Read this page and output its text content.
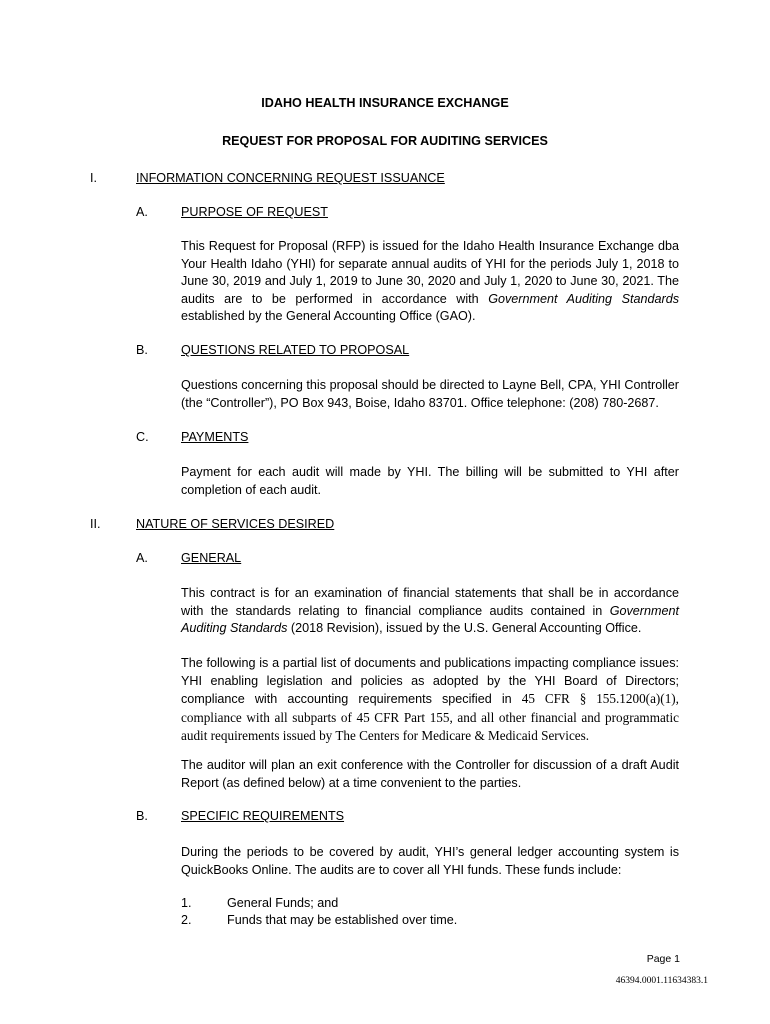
IDAHO HEALTH INSURANCE EXCHANGE
REQUEST FOR PROPOSAL FOR AUDITING SERVICES
I.	INFORMATION CONCERNING REQUEST ISSUANCE
A.	PURPOSE OF REQUEST

This Request for Proposal (RFP) is issued for the Idaho Health Insurance Exchange dba Your Health Idaho (YHI) for separate annual audits of YHI for the periods July 1, 2018 to June 30, 2019 and July 1, 2019 to June 30, 2020 and July 1, 2020 to June 30, 2021. The audits are to be performed in accordance with Government Auditing Standards established by the General Accounting Office (GAO).

B.	QUESTIONS RELATED TO PROPOSAL

Questions concerning this proposal should be directed to Layne Bell, CPA, YHI Controller (the “Controller”), PO Box 943, Boise, Idaho 83701. Office telephone: (208) 780-2687.

C.	PAYMENTS

Payment for each audit will made by YHI. The billing will be submitted to YHI after completion of each audit.

II.	NATURE OF SERVICES DESIRED
A.	GENERAL

This contract is for an examination of financial statements that shall be in accordance with the standards relating to financial compliance audits contained in Government Auditing Standards (2018 Revision), issued by the U.S. General Accounting Office.

The following is a partial list of documents and publications impacting compliance issues: YHI enabling legislation and policies as adopted by the YHI Board of Directors; compliance with accounting requirements specified in 45 CFR § 155.1200(a)(1), compliance with all subparts of 45 CFR Part 155, and all other financial and programmatic audit requirements issued by The Centers for Medicare & Medicaid Services.

The auditor will plan an exit conference with the Controller for discussion of a draft Audit Report (as defined below) at a time convenient to the parties.

B.	SPECIFIC REQUIREMENTS

During the periods to be covered by audit, YHI’s general ledger accounting system is QuickBooks Online. The audits are to cover all YHI funds. These funds include:

1.	General Funds; and
2.	Funds that may be established over time.
Page 1
46394.0001.11634383.1
